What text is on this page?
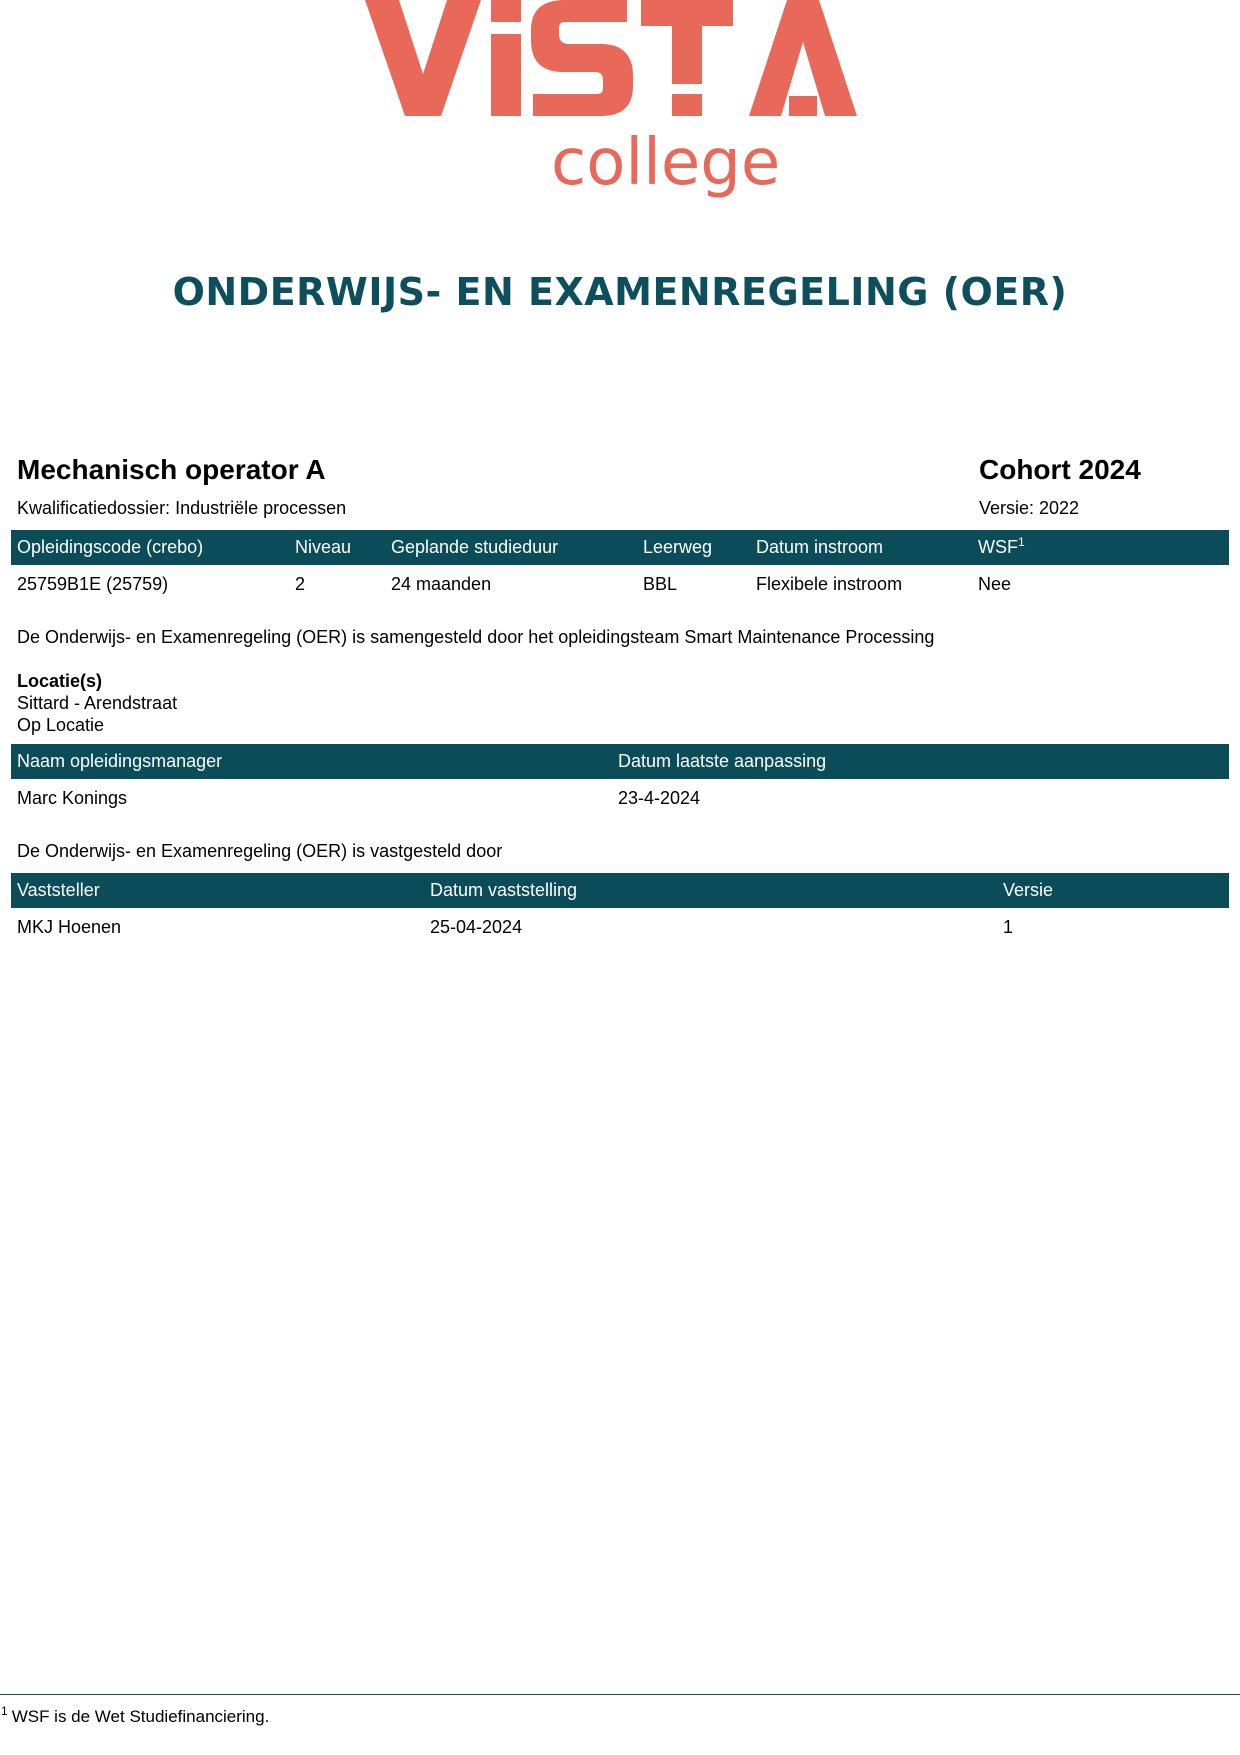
college
ONDERWIJS- EN EXAMENREGELING (OER)
Mechanisch operator A	Cohort 2024
Kwalificatiedossier: Industriële processen	Versie: 2022
Opleidingscode (crebo)	Niveau	Geplande studieduur	Leerweg	Datum instroom	WSF$^1$
25759B1E (25759)	2	24 maanden	BBL	Flexibele instroom	Nee
De Onderwijs- en Examenregeling (OER) is samengesteld door het opleidingsteam Smart Maintenance Processing
Locatie(s)
Sittard - Arendstraat
Op Locatie
Naam opleidingsmanager	Datum laatste aanpassing
Marc Konings	23-4-2024
De Onderwijs- en Examenregeling (OER) is vastgesteld door
Vaststeller	Datum vaststelling	Versie
MKJ Hoenen	25-04-2024	1
$^1$ WSF is de Wet Studiefinanciering.
